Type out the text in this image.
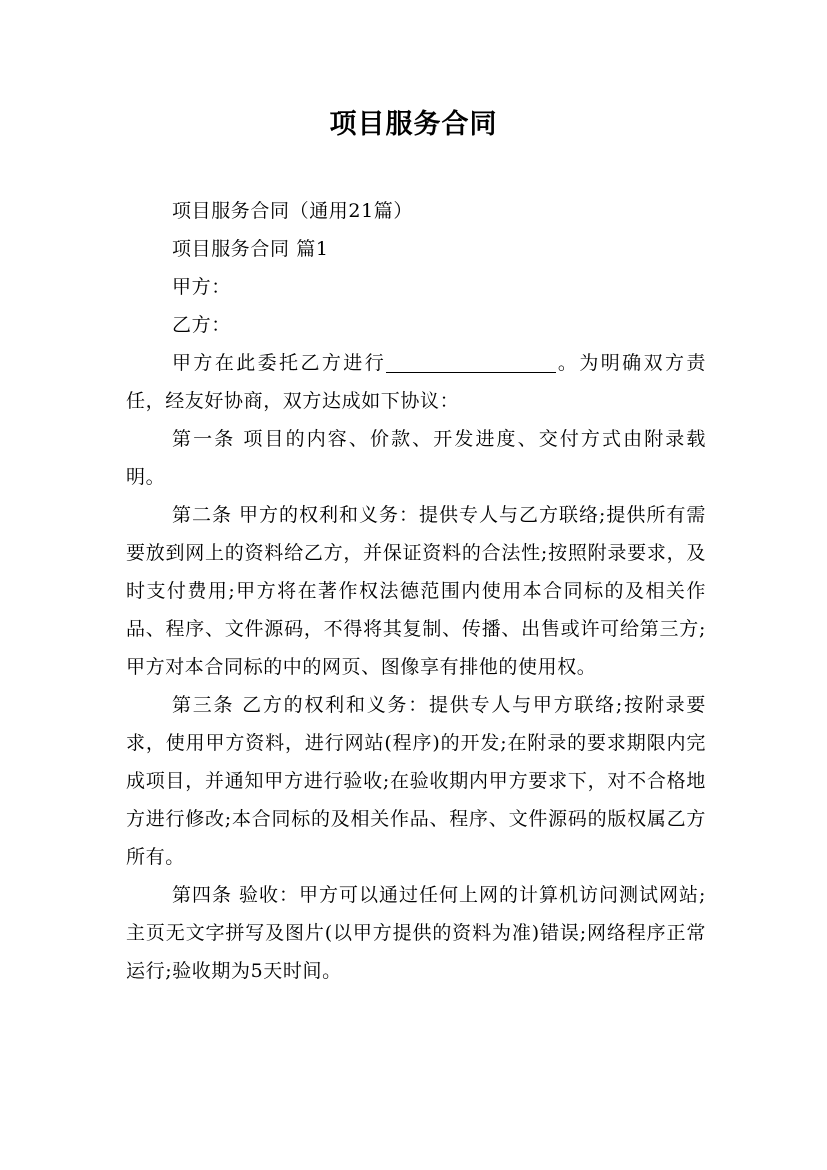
项目服务合同

项目服务合同（通用21篇）

项目服务合同 篇1

甲方：

乙方：

甲方在此委托乙方进行	。为明确双方责任，经友好协商，双方达成如下协议：

第一条 项目的内容、价款、开发进度、交付方式由附录载明。

第二条 甲方的权利和义务：提供专人与乙方联络;提供所有需要放到网上的资料给乙方，并保证资料的合法性;按照附录要求，及时支付费用;甲方将在著作权法德范围内使用本合同标的及相关作品、程序、文件源码，不得将其复制、传播、出售或许可给第三方;甲方对本合同标的中的网页、图像享有排他的使用权。

第三条 乙方的权利和义务：提供专人与甲方联络;按附录要求，使用甲方资料，进行网站(程序)的开发;在附录的要求期限内完成项目，并通知甲方进行验收;在验收期内甲方要求下，对不合格地方进行修改;本合同标的及相关作品、程序、文件源码的版权属乙方所有。

第四条 验收：甲方可以通过任何上网的计算机访问测试网站;主页无文字拼写及图片(以甲方提供的资料为准)错误;网络程序正常运行;验收期为5天时间。
